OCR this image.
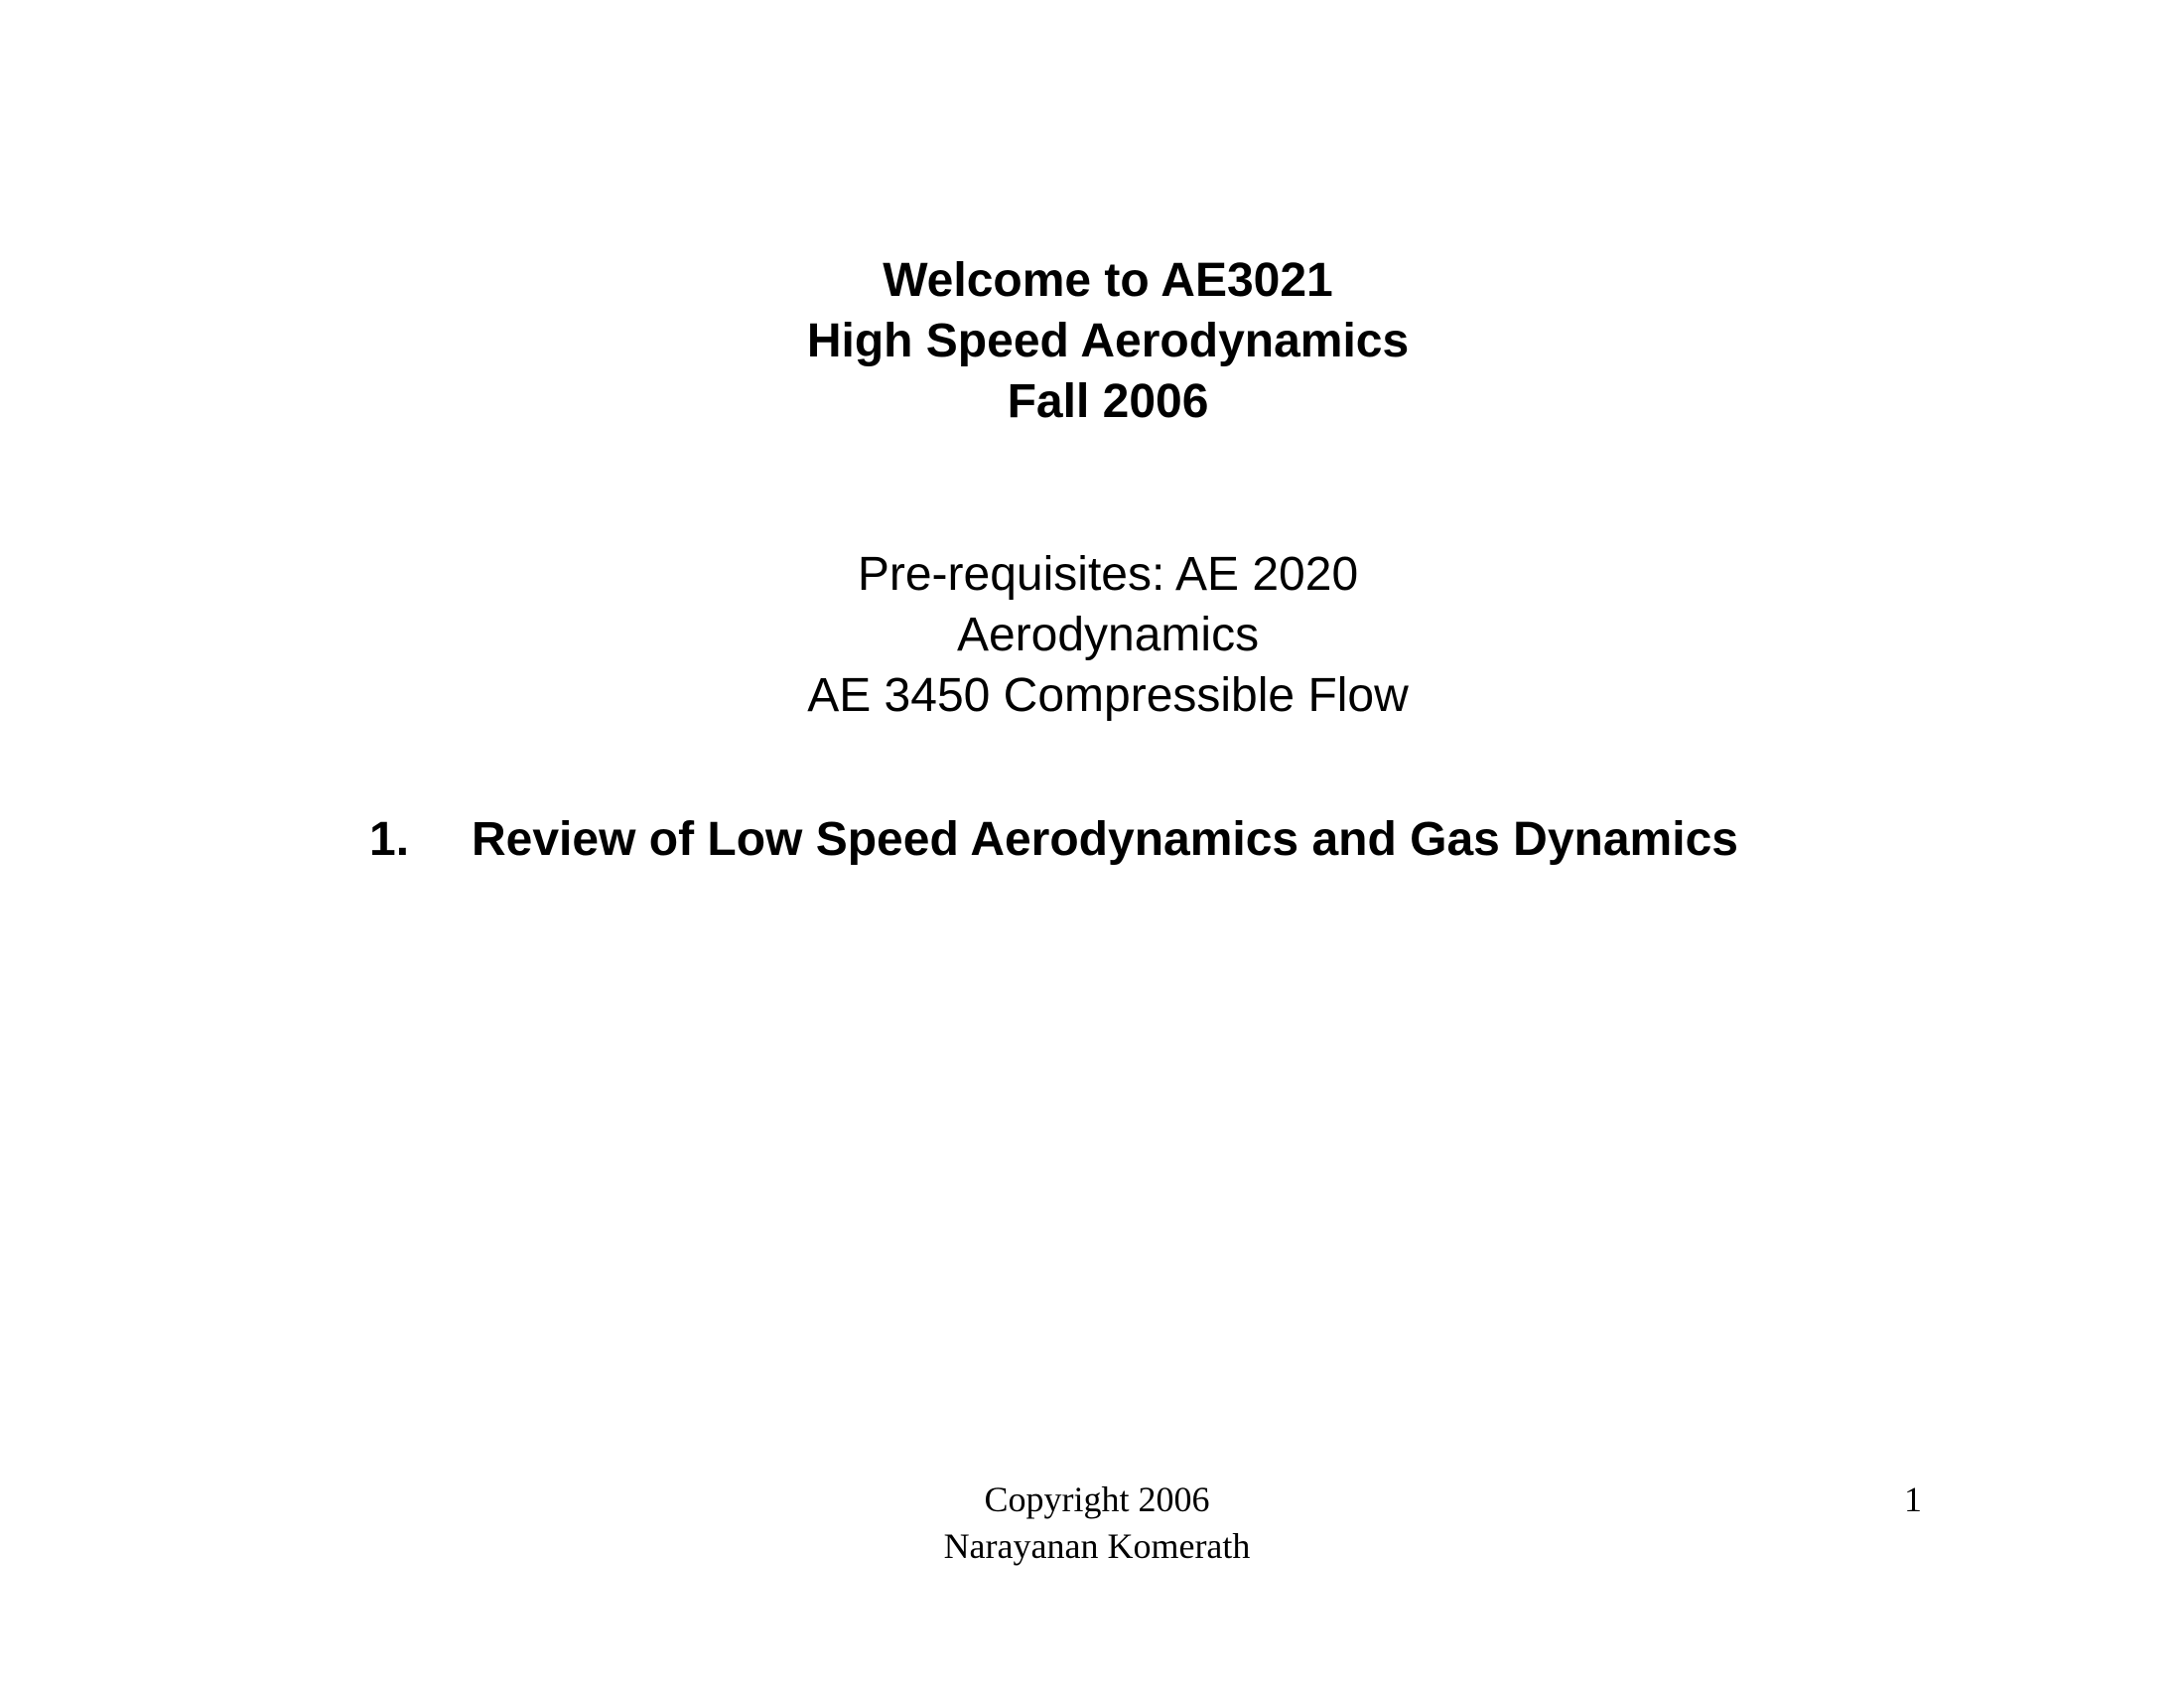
Welcome to AE3021
High Speed Aerodynamics
Fall 2006
Pre-requisites: AE 2020
Aerodynamics
AE 3450 Compressible Flow
1. Review of Low Speed Aerodynamics and Gas Dynamics
Copyright 2006
Narayanan Komerath
1
